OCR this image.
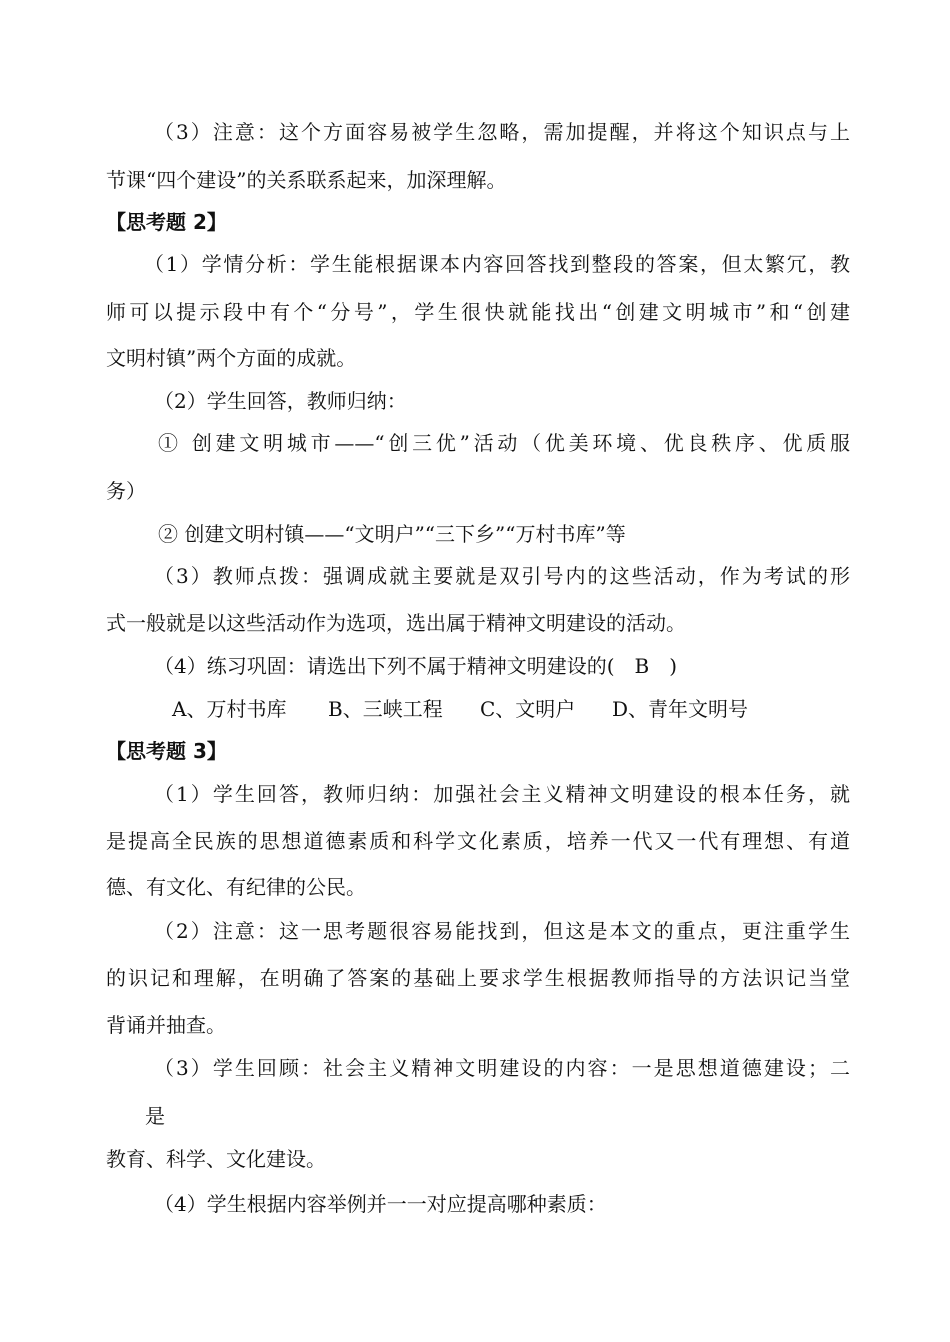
（3）注意：这个方面容易被学生忽略，需加提醒，并将这个知识点与上
节课“四个建设”的关系联系起来，加深理解。
【思考题 2】
（1）学情分析：学生能根据课本内容回答找到整段的答案，但太繁冗，教
师可以提示段中有个“分号”，学生很快就能找出“创建文明城市”和“创建
文明村镇”两个方面的成就。
（2）学生回答，教师归纳：
① 创建文明城市——“创三优”活动（优美环境、优良秩序、优质服
务）
② 创建文明村镇——“文明户”“三下乡”“万村书库”等
（3）教师点拨：强调成就主要就是双引号内的这些活动，作为考试的形
式一般就是以这些活动作为选项，选出属于精神文明建设的活动。
（4）练习巩固：请选出下列不属于精神文明建设的(　B　)
A、万村书库 B、三峡工程 C、文明户 D、青年文明号
【思考题 3】
（1）学生回答，教师归纳：加强社会主义精神文明建设的根本任务，就
是提高全民族的思想道德素质和科学文化素质，培养一代又一代有理想、有道
德、有文化、有纪律的公民。
（2）注意：这一思考题很容易能找到，但这是本文的重点，更注重学生
的识记和理解，在明确了答案的基础上要求学生根据教师指导的方法识记当堂
背诵并抽查。
（3）学生回顾：社会主义精神文明建设的内容：一是思想道德建设；二
是
教育、科学、文化建设。
（4）学生根据内容举例并一一对应提高哪种素质：
